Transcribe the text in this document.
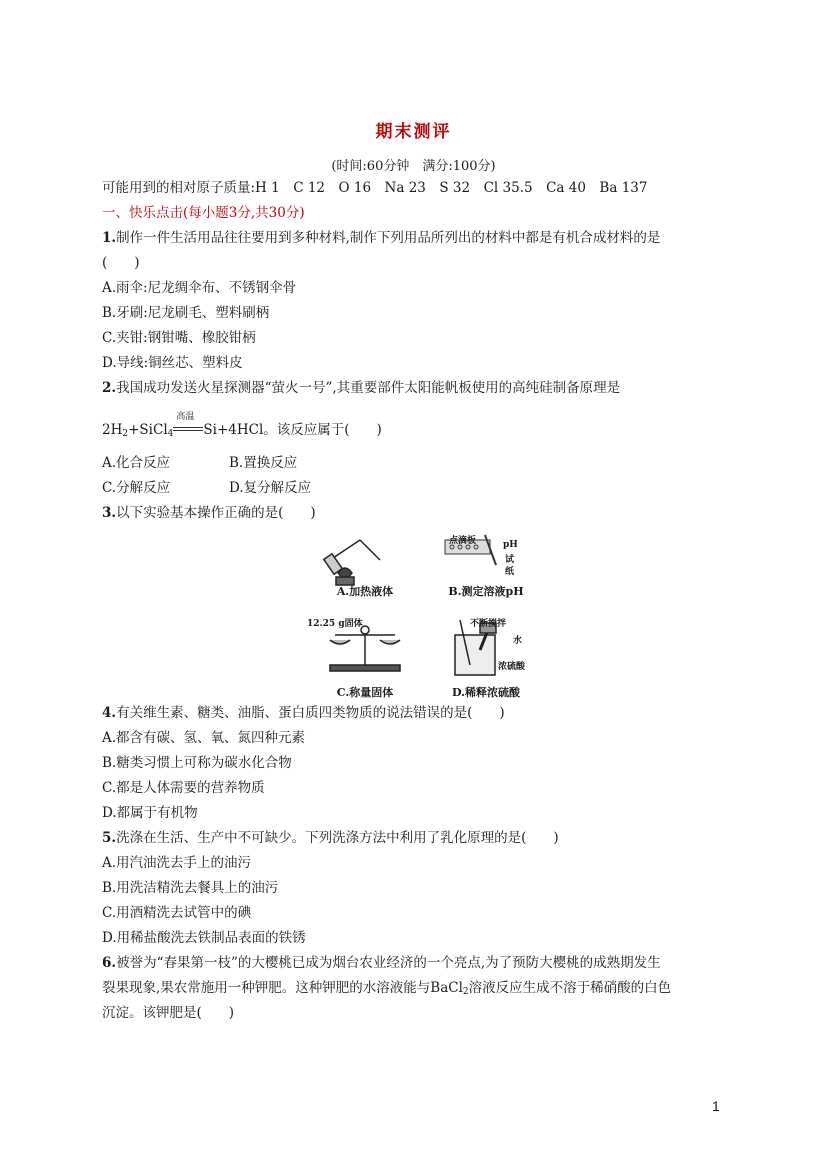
期末测评
(时间:60分钟　满分:100分)
可能用到的相对原子质量:H 1　C 12　O 16　Na 23　S 32　Cl 35.5　Ca 40　Ba 137
一、快乐点击(每小题3分,共30分)
1.制作一件生活用品往往要用到多种材料,制作下列用品所列出的材料中都是有机合成材料的是
(　　)
A.雨伞:尼龙绸伞布、不锈钢伞骨
B.牙刷:尼龙刷毛、塑料刷柄
C.夹钳:钢钳嘴、橡胶钳柄
D.导线:铜丝芯、塑料皮
2.我国成功发送火星探测器“萤火一号”,其重要部件太阳能帆板使用的高纯硅制备原理是
$2H_2+SiCl_4$
高温
Si+4HCl。该反应属于(　　)
A.化合反应	B.置换反应
C.分解反应	D.复分解反应
3.以下实验基本操作正确的是(　　)
A.加热液体	B.测定溶液pH
C.称量固体	D.稀释浓硫酸
点滴板	pH
试
纸
12.25 g固体	不断搅拌
水
浓硫酸
4.有关维生素、糖类、油脂、蛋白质四类物质的说法错误的是(　　)
A.都含有碳、氢、氧、氮四种元素
B.糖类习惯上可称为碳水化合物
C.都是人体需要的营养物质
D.都属于有机物
5.洗涤在生活、生产中不可缺少。下列洗涤方法中利用了乳化原理的是(　　)
A.用汽油洗去手上的油污
B.用洗洁精洗去餐具上的油污
C.用酒精洗去试管中的碘
D.用稀盐酸洗去铁制品表面的铁锈
6.被誉为“春果第一枝”的大樱桃已成为烟台农业经济的一个亮点,为了预防大樱桃的成熟期发生
裂果现象,果农常施用一种钾肥。这种钾肥的水溶液能与BaCl$_2$溶液反应生成不溶于稀硝酸的白色
沉淀。该钾肥是(　　)
1
